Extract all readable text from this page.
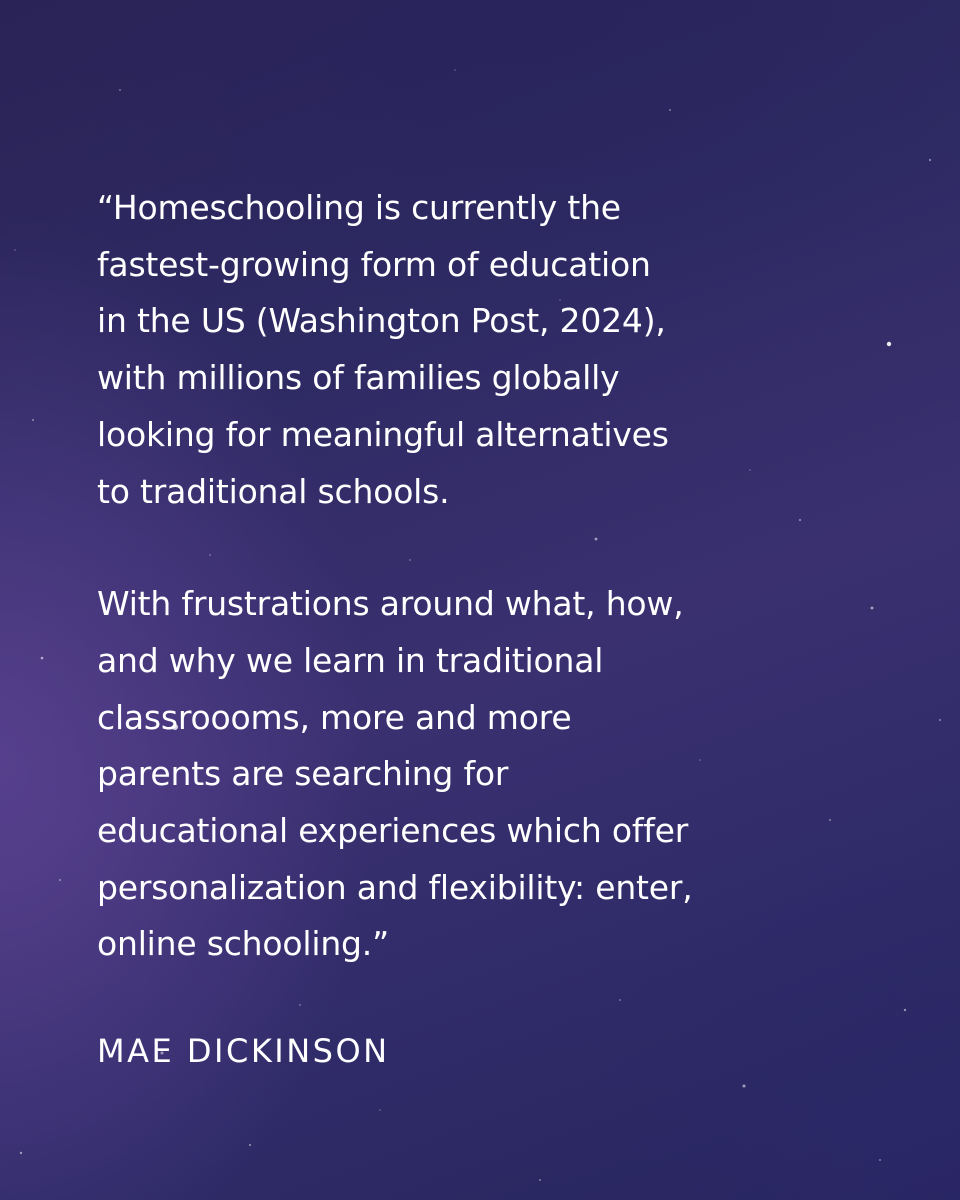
“Homeschooling is currently the
fastest-growing form of education
in the US (Washington Post, 2024),
with millions of families globally
looking for meaningful alternatives
to traditional schools.

With frustrations around what, how,
and why we learn in traditional
classroooms, more and more
parents are searching for
educational experiences which offer
personalization and flexibility: enter,
online schooling.”

MAE DICKINSON
